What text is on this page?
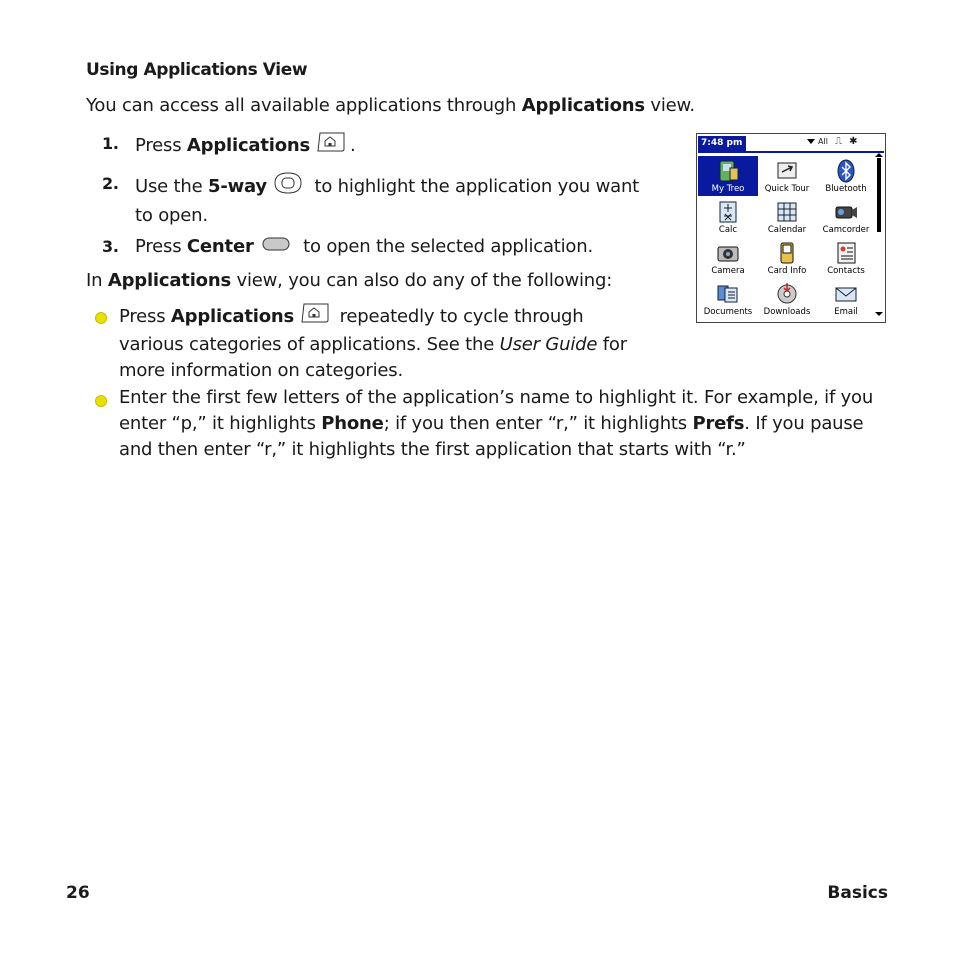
Using Applications View
You can access all available applications through Applications view.
1. Press Applications .
2. Use the 5-way to highlight the application you want to open.
3. Press Center to open the selected application.
In Applications view, you can also do any of the following:
Press Applications repeatedly to cycle through various categories of applications. See the User Guide for more information on categories.
Enter the first few letters of the application’s name to highlight it. For example, if you enter “p,” it highlights Phone; if you then enter “r,” it highlights Prefs. If you pause and then enter “r,” it highlights the first application that starts with “r.”
7:48 pm	All ⎍ ✱
My Treo	Quick Tour	Bluetooth
Calc	Calendar	Camcorder
Camera	Card Info	Contacts
Documents	Downloads	Email
26	Basics
